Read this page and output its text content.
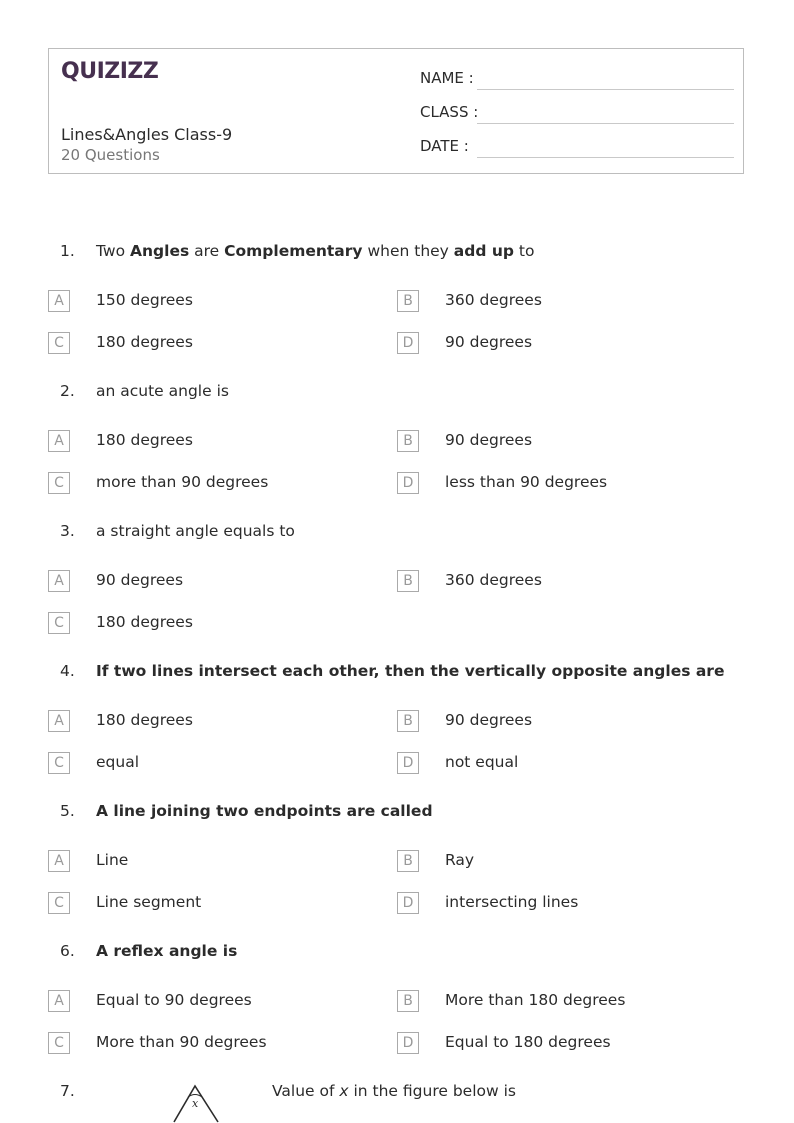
QUIZIZZ
Lines&Angles Class-9
20 Questions
NAME :
CLASS :
DATE :
1. Two Angles are Complementary when they add up to
A	150 degrees	B	360 degrees
C	180 degrees	D	90 degrees
2. an acute angle is
A	180 degrees	B	90 degrees
C	more than 90 degrees	D	less than 90 degrees
3. a straight angle equals to
A	90 degrees	B	360 degrees
C	180 degrees
4. If two lines intersect each other, then the vertically opposite angles are
A	180 degrees	B	90 degrees
C	equal	D	not equal
5. A line joining two endpoints are called
A	Line	B	Ray
C	Line segment	D	intersecting lines
6. A reflex angle is
A	Equal to 90 degrees	B	More than 180 degrees
C	More than 90 degrees	D	Equal to 180 degrees
7.
x
Value of x in the figure below is
